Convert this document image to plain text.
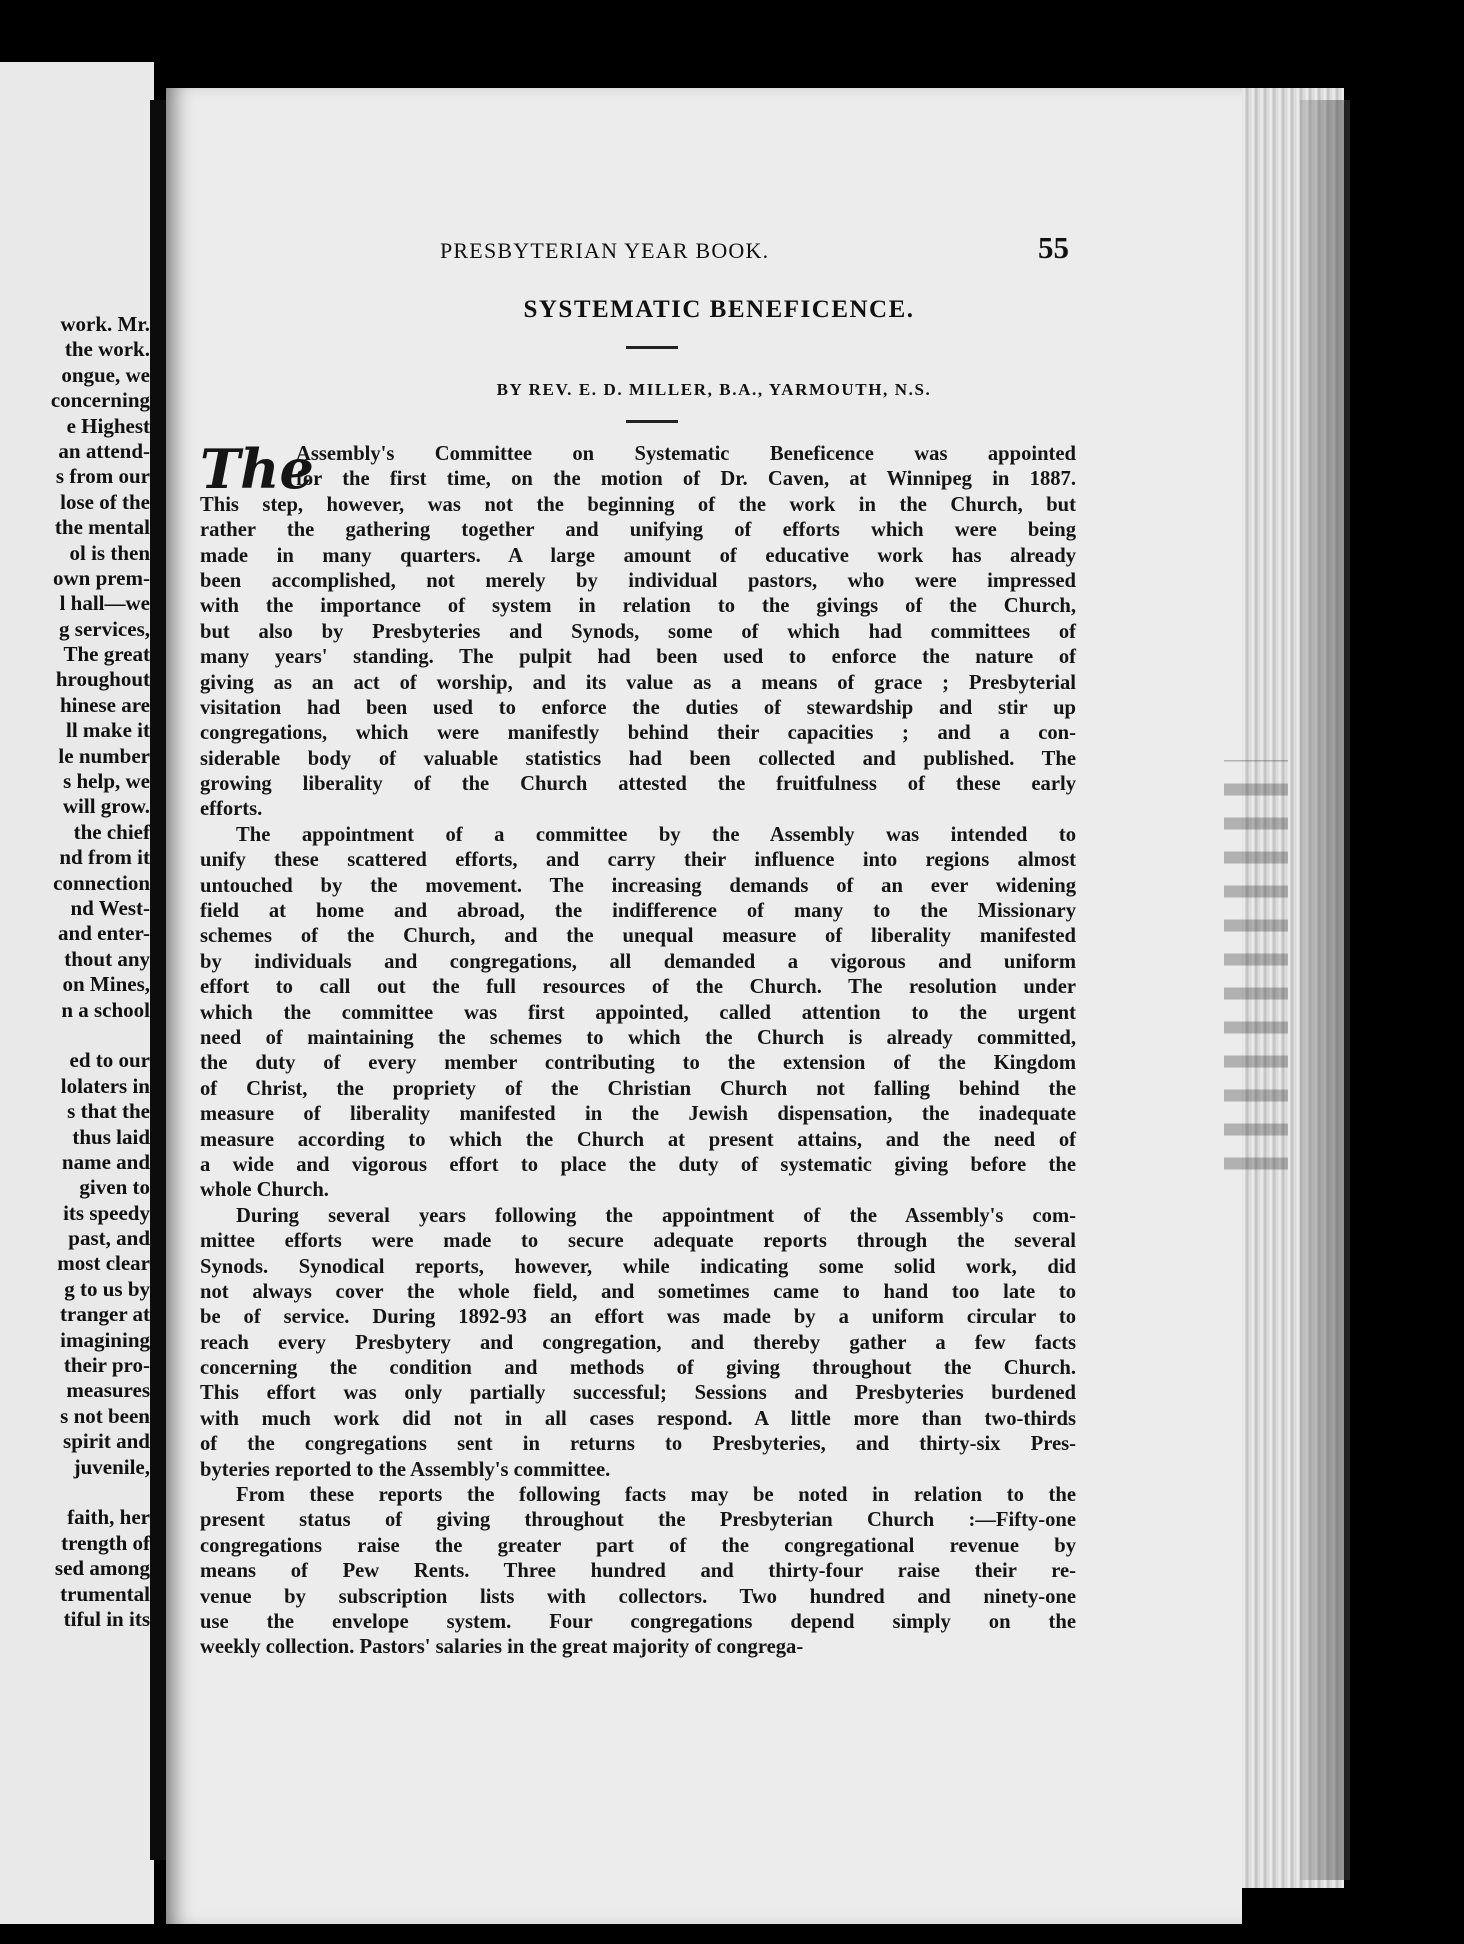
work. Mr.
the work.
ongue, we
concerning
e Highest
an attend-
s from our
lose of the
the mental
ol is then
own prem-
l hall—we
g services,
The great
hroughout
hinese are
ll make it
le number
s help, we
will grow.
the chief
nd from it
connection
nd West-
and enter-
thout any
on Mines,
n a school
ed to our
lolaters in
s that the
thus laid
name and
given to
its speedy
past, and
most clear
g to us by
tranger at
imagining
their pro-
measures
s not been
spirit and
juvenile,
faith, her
trength of
sed among
trumental
tiful in its
PRESBYTERIAN YEAR BOOK.	55
SYSTEMATIC BENEFICENCE.
BY REV. E. D. MILLER, B.A., YARMOUTH, N.S.
The
Assembly's Committee on Systematic Beneficence was appointed
for the first time, on the motion of Dr. Caven, at Winnipeg in 1887.
This step, however, was not the beginning of the work in the Church, but
rather the gathering together and unifying of efforts which were being
made in many quarters. A large amount of educative work has already
been accomplished, not merely by individual pastors, who were impressed
with the importance of system in relation to the givings of the Church,
but also by Presbyteries and Synods, some of which had committees of
many years' standing. The pulpit had been used to enforce the nature of
giving as an act of worship, and its value as a means of grace ; Presbyterial
visitation had been used to enforce the duties of stewardship and stir up
congregations, which were manifestly behind their capacities ; and a con-
siderable body of valuable statistics had been collected and published. The
growing liberality of the Church attested the fruitfulness of these early
efforts.
The appointment of a committee by the Assembly was intended to
unify these scattered efforts, and carry their influence into regions almost
untouched by the movement. The increasing demands of an ever widening
field at home and abroad, the indifference of many to the Missionary
schemes of the Church, and the unequal measure of liberality manifested
by individuals and congregations, all demanded a vigorous and uniform
effort to call out the full resources of the Church. The resolution under
which the committee was first appointed, called attention to the urgent
need of maintaining the schemes to which the Church is already committed,
the duty of every member contributing to the extension of the Kingdom
of Christ, the propriety of the Christian Church not falling behind the
measure of liberality manifested in the Jewish dispensation, the inadequate
measure according to which the Church at present attains, and the need of
a wide and vigorous effort to place the duty of systematic giving before the
whole Church.
During several years following the appointment of the Assembly's com-
mittee efforts were made to secure adequate reports through the several
Synods. Synodical reports, however, while indicating some solid work, did
not always cover the whole field, and sometimes came to hand too late to
be of service. During 1892-93 an effort was made by a uniform circular to
reach every Presbytery and congregation, and thereby gather a few facts
concerning the condition and methods of giving throughout the Church.
This effort was only partially successful; Sessions and Presbyteries burdened
with much work did not in all cases respond. A little more than two-thirds
of the congregations sent in returns to Presbyteries, and thirty-six Pres-
byteries reported to the Assembly's committee.
From these reports the following facts may be noted in relation to the
present status of giving throughout the Presbyterian Church :—Fifty-one
congregations raise the greater part of the congregational revenue by
means of Pew Rents. Three hundred and thirty-four raise their re-
venue by subscription lists with collectors. Two hundred and ninety-one
use the envelope system. Four congregations depend simply on the
weekly collection. Pastors' salaries in the great majority of congrega-
